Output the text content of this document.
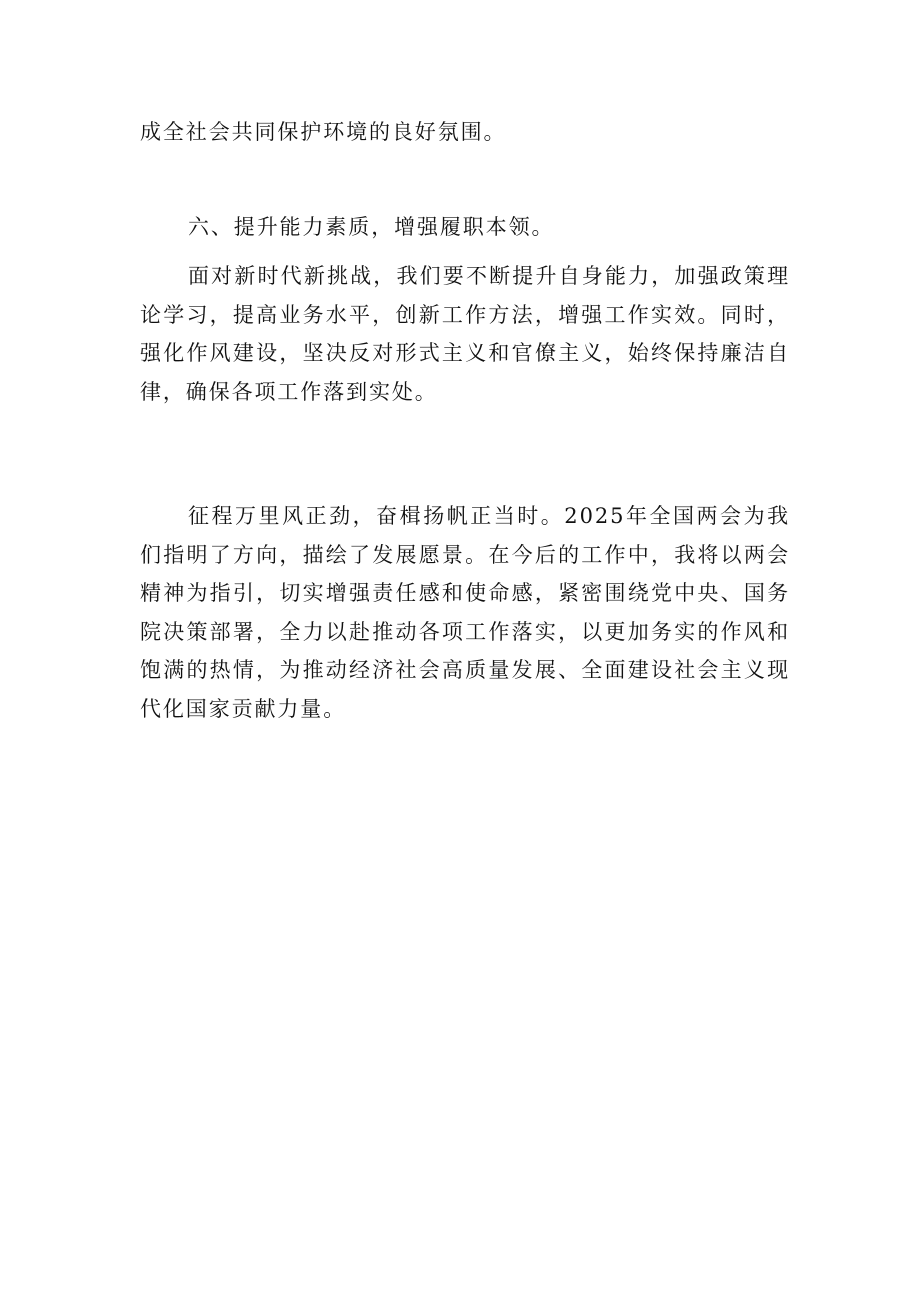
成全社会共同保护环境的良好氛围。

六、提升能力素质，增强履职本领。

面对新时代新挑战，我们要不断提升自身能力，加强政策理论学习，提高业务水平，创新工作方法，增强工作实效。同时，强化作风建设，坚决反对形式主义和官僚主义，始终保持廉洁自律，确保各项工作落到实处。

征程万里风正劲，奋楫扬帆正当时。2025年全国两会为我们指明了方向，描绘了发展愿景。在今后的工作中，我将以两会精神为指引，切实增强责任感和使命感，紧密围绕党中央、国务院决策部署，全力以赴推动各项工作落实，以更加务实的作风和饱满的热情，为推动经济社会高质量发展、全面建设社会主义现代化国家贡献力量。
